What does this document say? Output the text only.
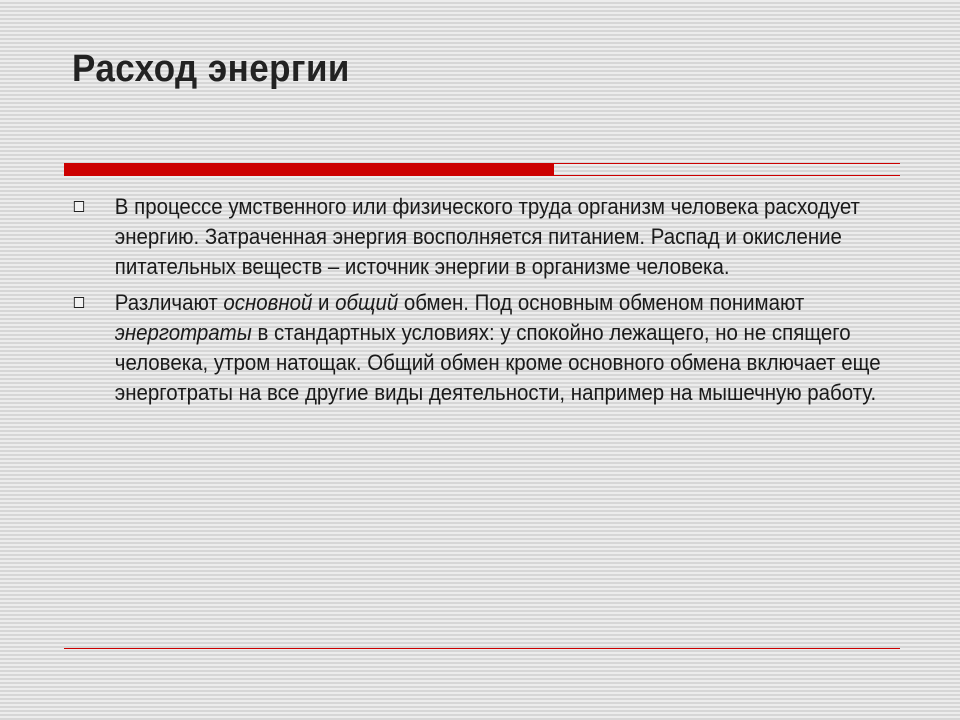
Расход энергии

В процессе умственного или физического труда организм человека расходует энергию. Затраченная энергия восполняется питанием. Распад и окисление питательных веществ – источник энергии в организме человека.

Различают основной и общий обмен. Под основным обменом понимают энерготраты в стандартных условиях: у спокойно лежащего, но не спящего человека, утром натощак. Общий обмен кроме основного обмена включает еще энерготраты на все другие виды деятельности, например на мышечную работу.
